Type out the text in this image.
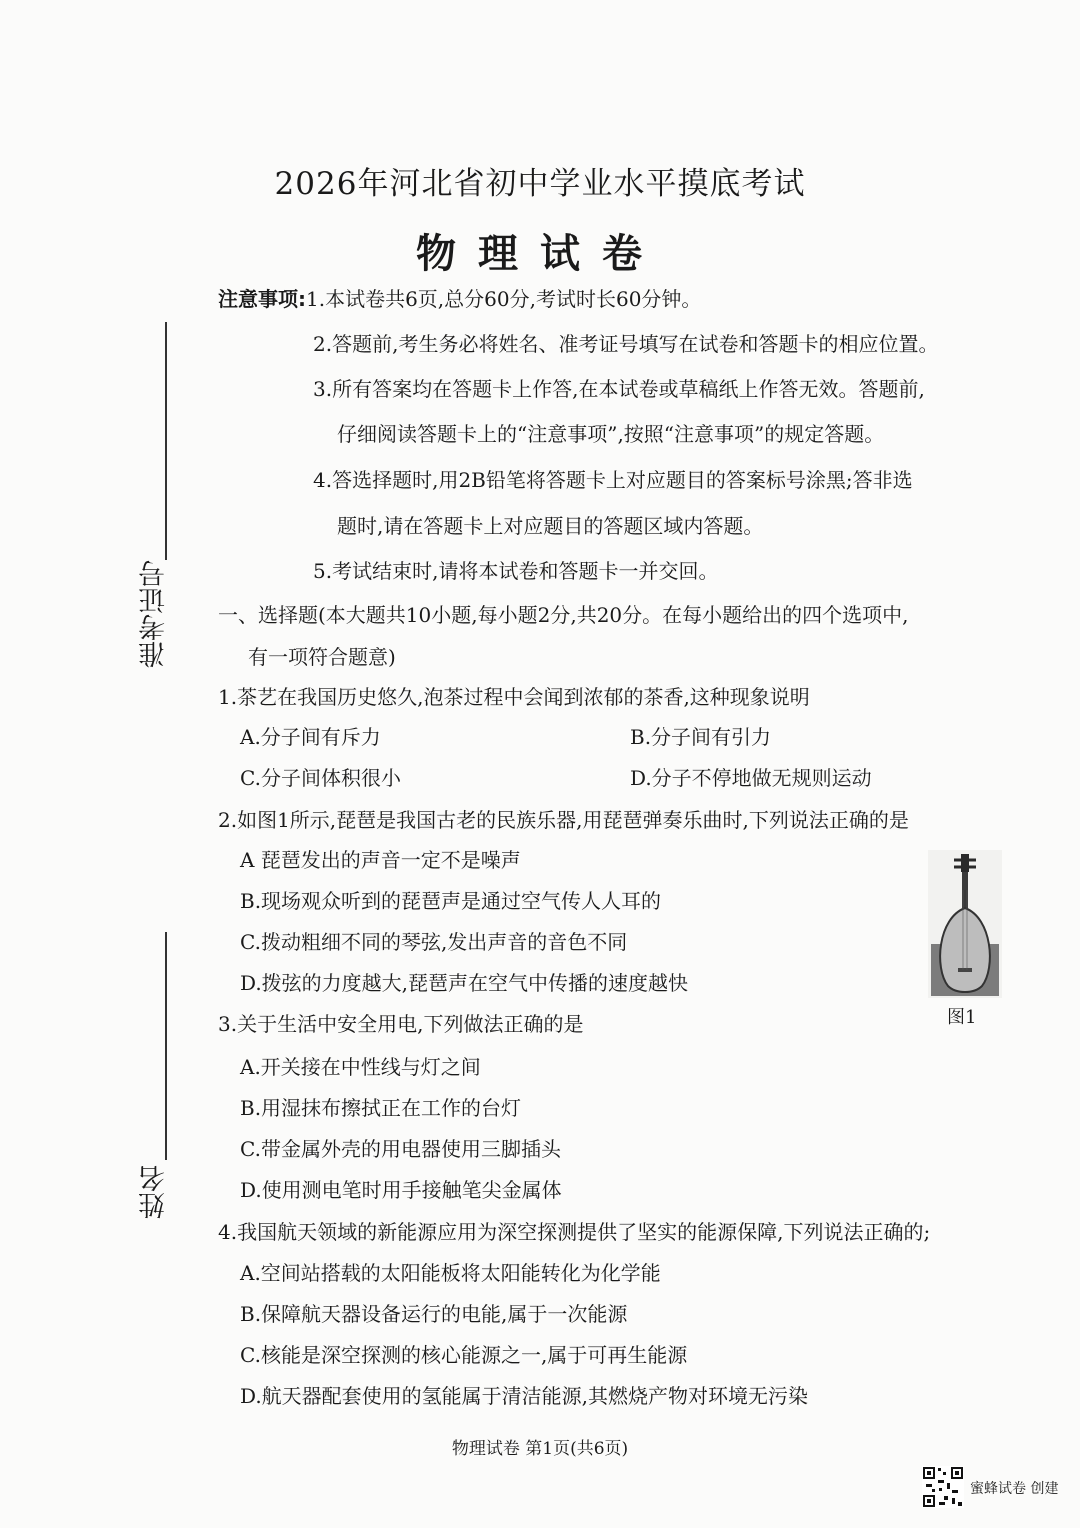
2026年河北省初中学业水平摸底考试
物理试卷
准考证号
姓名
注意事项:1.本试卷共6页,总分60分,考试时长60分钟。
2.答题前,考生务必将姓名、准考证号填写在试卷和答题卡的相应位置。
3.所有答案均在答题卡上作答,在本试卷或草稿纸上作答无效。答题前,
仔细阅读答题卡上的“注意事项”,按照“注意事项”的规定答题。
4.答选择题时,用2B铅笔将答题卡上对应题目的答案标号涂黑;答非选
题时,请在答题卡上对应题目的答题区域内答题。
5.考试结束时,请将本试卷和答题卡一并交回。
一、选择题(本大题共10小题,每小题2分,共20分。在每小题给出的四个选项中,
有一项符合题意)
1.茶艺在我国历史悠久,泡茶过程中会闻到浓郁的茶香,这种现象说明
A.分子间有斥力	B.分子间有引力
C.分子间体积很小	D.分子不停地做无规则运动
2.如图1所示,琵琶是我国古老的民族乐器,用琵琶弹奏乐曲时,下列说法正确的是
A 琵琶发出的声音一定不是噪声
B.现场观众听到的琵琶声是通过空气传人人耳的
C.拨动粗细不同的琴弦,发出声音的音色不同
D.拨弦的力度越大,琵琶声在空气中传播的速度越快
图1
3.关于生活中安全用电,下列做法正确的是
A.开关接在中性线与灯之间
B.用湿抹布擦拭正在工作的台灯
C.带金属外壳的用电器使用三脚插头
D.使用测电笔时用手接触笔尖金属体
4.我国航天领域的新能源应用为深空探测提供了坚实的能源保障,下列说法正确的;
A.空间站搭载的太阳能板将太阳能转化为化学能
B.保障航天器设备运行的电能,属于一次能源
C.核能是深空探测的核心能源之一,属于可再生能源
D.航天器配套使用的氢能属于清洁能源,其燃烧产物对环境无污染
物理试卷 第1页(共6页)
蜜蜂试卷 创建
